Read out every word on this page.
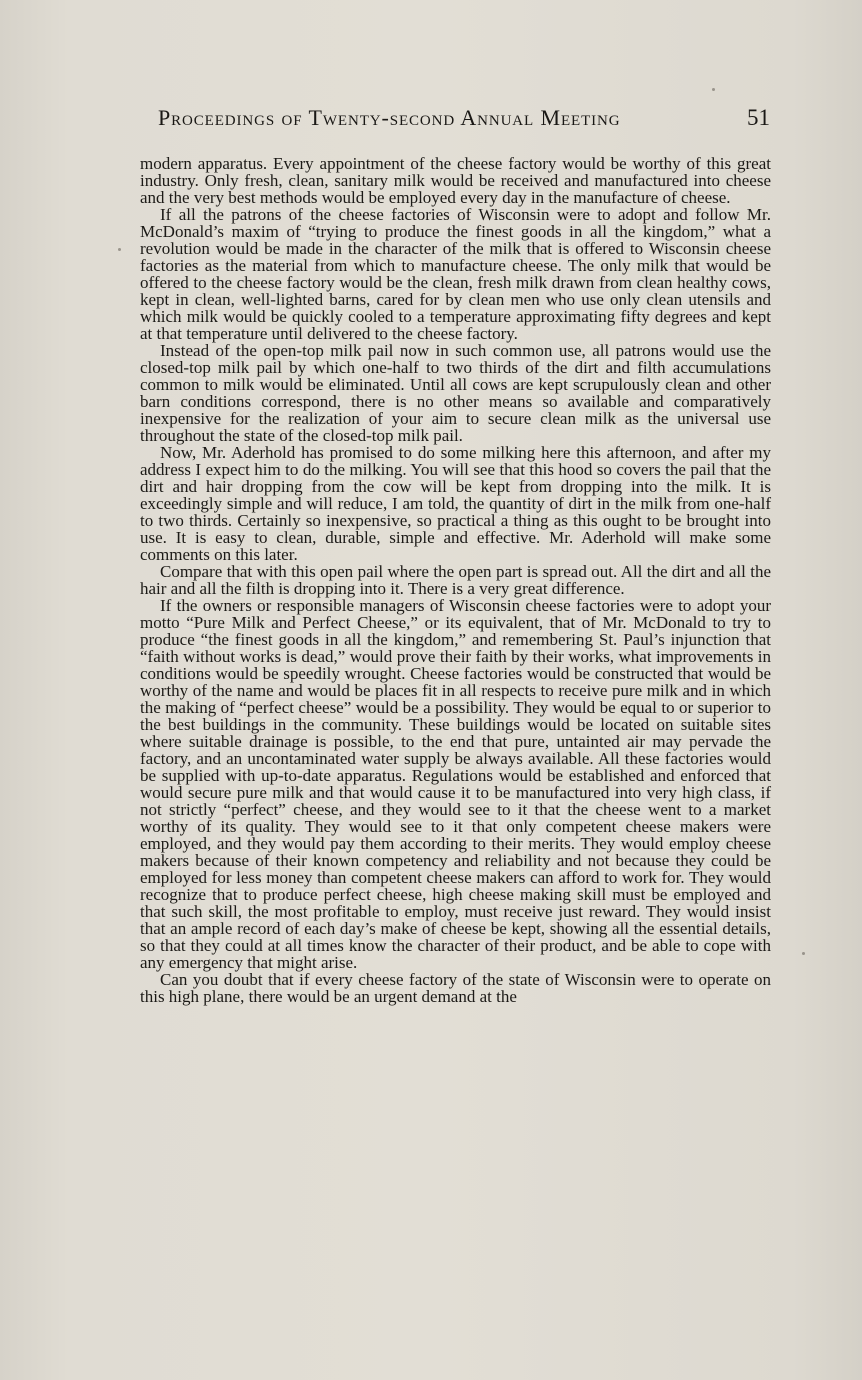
Proceedings of Twenty-second Annual Meeting	51

modern apparatus. Every appointment of the cheese factory would be worthy of this great industry. Only fresh, clean, sanitary milk would be received and manufactured into cheese and the very best methods would be employed every day in the manufacture of cheese.

If all the patrons of the cheese factories of Wisconsin were to adopt and follow Mr. McDonald’s maxim of “trying to produce the finest goods in all the kingdom,” what a revolution would be made in the character of the milk that is offered to Wisconsin cheese factories as the material from which to manufacture cheese. The only milk that would be offered to the cheese factory would be the clean, fresh milk drawn from clean healthy cows, kept in clean, well-lighted barns, cared for by clean men who use only clean utensils and which milk would be quickly cooled to a temperature approximating fifty degrees and kept at that temperature until delivered to the cheese factory.

Instead of the open-top milk pail now in such common use, all patrons would use the closed-top milk pail by which one-half to two thirds of the dirt and filth accumulations common to milk would be eliminated. Until all cows are kept scrupulously clean and other barn conditions correspond, there is no other means so available and comparatively inexpensive for the realization of your aim to secure clean milk as the universal use throughout the state of the closed-top milk pail.

Now, Mr. Aderhold has promised to do some milking here this afternoon, and after my address I expect him to do the milking. You will see that this hood so covers the pail that the dirt and hair dropping from the cow will be kept from dropping into the milk. It is exceedingly simple and will reduce, I am told, the quantity of dirt in the milk from one-half to two thirds. Certainly so inexpensive, so practical a thing as this ought to be brought into use. It is easy to clean, durable, simple and effective. Mr. Aderhold will make some comments on this later.

Compare that with this open pail where the open part is spread out. All the dirt and all the hair and all the filth is dropping into it. There is a very great difference.

If the owners or responsible managers of Wisconsin cheese factories were to adopt your motto “Pure Milk and Perfect Cheese,” or its equivalent, that of Mr. McDonald to try to produce “the finest goods in all the kingdom,” and remembering St. Paul’s injunction that “faith without works is dead,” would prove their faith by their works, what improvements in conditions would be speedily wrought. Cheese factories would be constructed that would be worthy of the name and would be places fit in all respects to receive pure milk and in which the making of “perfect cheese” would be a possibility. They would be equal to or superior to the best buildings in the community. These buildings would be located on suitable sites where suitable drainage is possible, to the end that pure, untainted air may pervade the factory, and an uncontaminated water supply be always available. All these factories would be supplied with up-to-date apparatus. Regulations would be established and enforced that would secure pure milk and that would cause it to be manufactured into very high class, if not strictly “perfect” cheese, and they would see to it that the cheese went to a market worthy of its quality. They would see to it that only competent cheese makers were employed, and they would pay them according to their merits. They would employ cheese makers because of their known competency and reliability and not because they could be employed for less money than competent cheese makers can afford to work for. They would recognize that to produce perfect cheese, high cheese making skill must be employed and that such skill, the most profitable to employ, must receive just reward. They would insist that an ample record of each day’s make of cheese be kept, showing all the essential details, so that they could at all times know the character of their product, and be able to cope with any emergency that might arise.

Can you doubt that if every cheese factory of the state of Wisconsin were to operate on this high plane, there would be an urgent demand at the
